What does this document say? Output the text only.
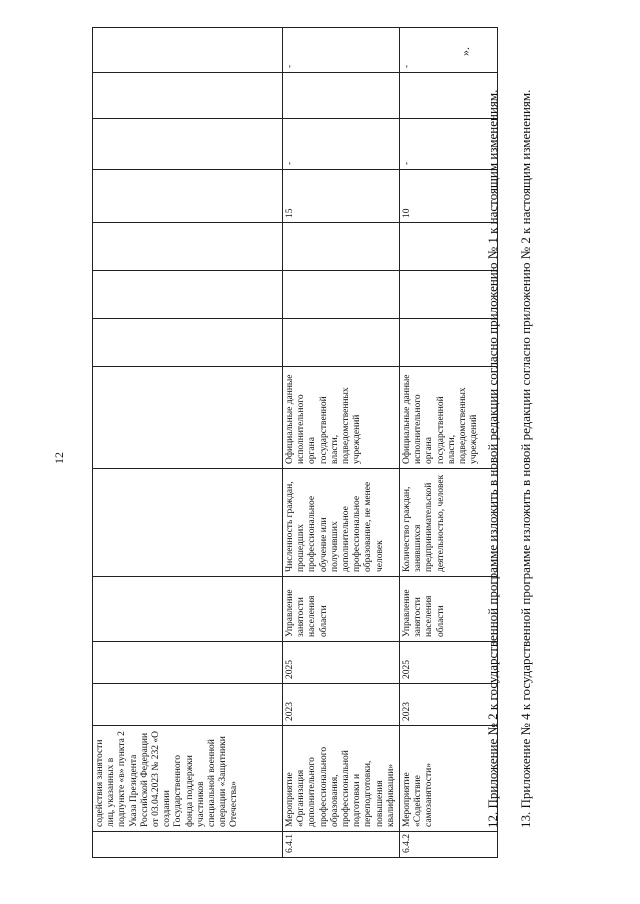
12
	содействия занятости лиц, указанных в подпункте «в» пункта 2 Указа Президента Российской Федерации от 03.04.2023 № 232 «О создании Государственного фонда поддержки участников специальной военной операции «Защитники Отечества»												
6.4.1	Мероприятие «Организация дополнительного профессионального образования, профессиональной подготовки и переподготовки, повышения квалификации»	2023	2025	Управление занятости населения области	Численность граждан, прошедших профессиональное обучение или получивших дополнительное профессиональное образование, не менее человек	Официальные данные исполнительного органа государственной власти, подведомственных учреждений				15	-		-
6.4.2	Мероприятие «Содействие самозанятости»	2023	2025	Управление занятости населения области	Количество граждан, занявшихся предпринимательской деятельностью, человек	Официальные данные исполнительного органа государственной власти, подведомственных учреждений				10	-		-
».
12. Приложение № 2 к государственной программе изложить в новой редакции согласно приложению № 1 к настоящим изменениям. 13. Приложение № 4 к государственной программе изложить в новой редакции согласно приложению № 2 к настоящим изменениям.
